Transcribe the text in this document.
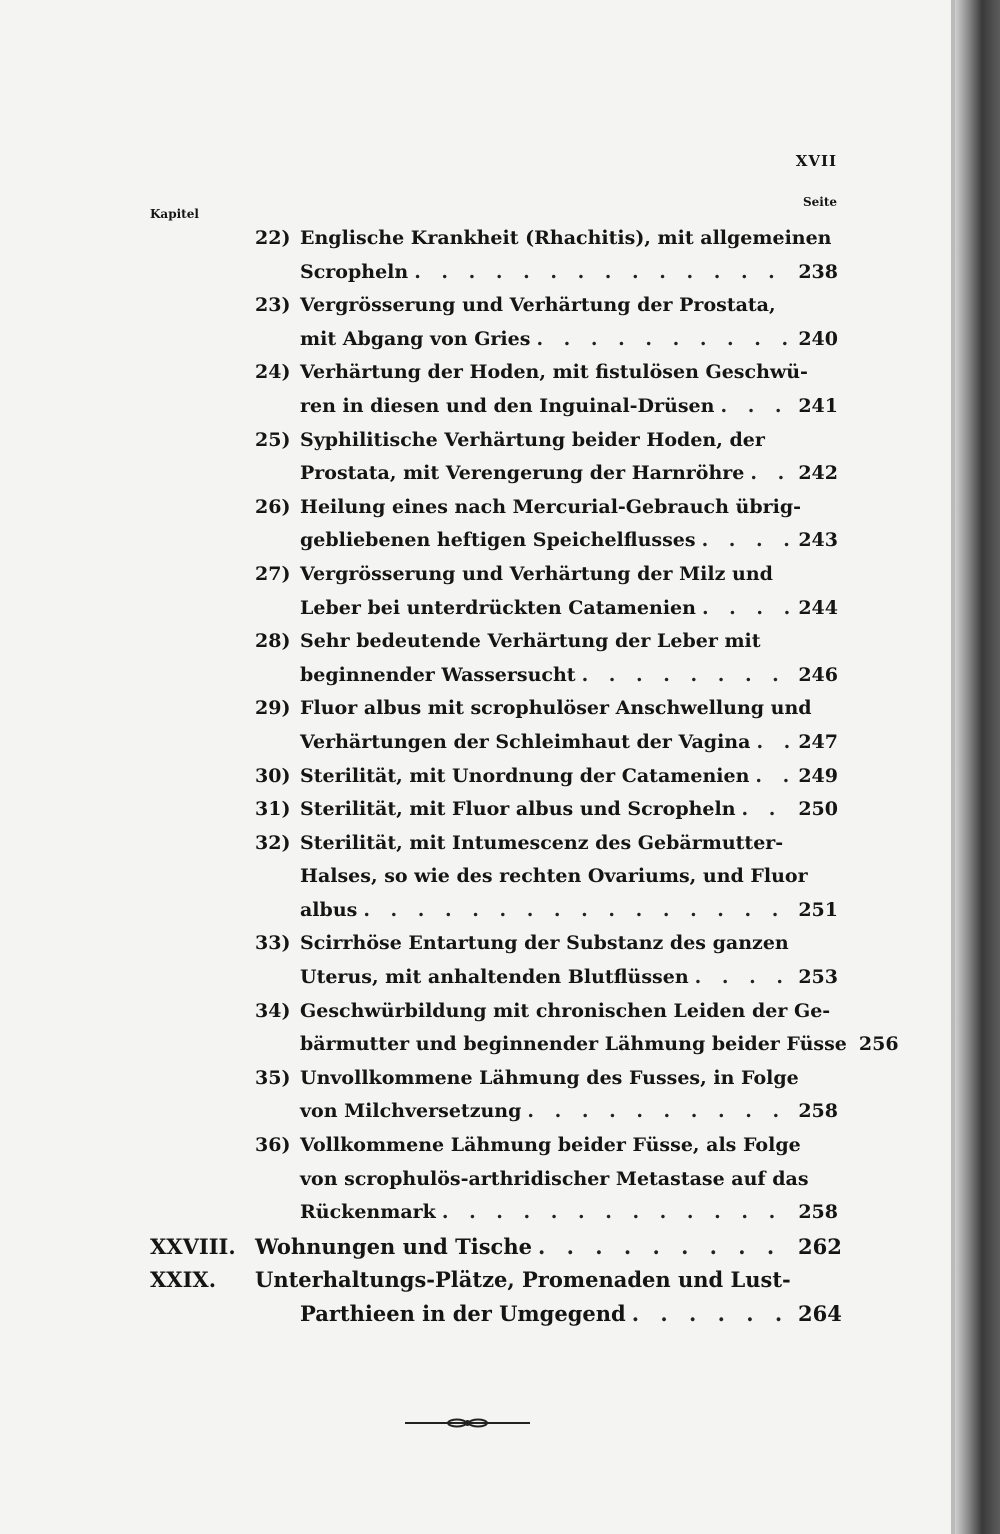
XVII
Kapitel
Seite
22) Englische Krankheit (Rhachitis), mit allgemeinen
Scropheln . . .	238
23) Vergrösserung und Verhärtung der Prostata,
mit Abgang von Gries . . .	240
24) Verhärtung der Hoden, mit fistulösen Geschwü-
ren in diesen und den Inguinal-Drüsen . . .	241
25) Syphilitische Verhärtung beider Hoden, der
Prostata, mit Verengerung der Harnröhre . . .	242
26) Heilung eines nach Mercurial-Gebrauch übrig-
gebliebenen heftigen Speichelflusses . . .	243
27) Vergrösserung und Verhärtung der Milz und
Leber bei unterdrückten Catamenien . . .	244
28) Sehr bedeutende Verhärtung der Leber mit
beginnender Wassersucht . . .	246
29) Fluor albus mit scrophulöser Anschwellung und
Verhärtungen der Schleimhaut der Vagina . . .	247
30) Sterilität, mit Unordnung der Catamenien . . .	249
31) Sterilität, mit Fluor albus und Scropheln . . .	250
32) Sterilität, mit Intumescenz des Gebärmutter-
Halses, so wie des rechten Ovariums, und Fluor
albus . . .	251
33) Scirrhöse Entartung der Substanz des ganzen
Uterus, mit anhaltenden Blutflüssen . . .	253
34) Geschwürbildung mit chronischen Leiden der Ge-
bärmutter und beginnender Lähmung beider Füsse 256
35) Unvollkommene Lähmung des Fusses, in Folge
von Milchversetzung . . .	258
36) Vollkommene Lähmung beider Füsse, als Folge
von scrophulös-arthridischer Metastase auf das
Rückenmark . . .	258
XXVIII. Wohnungen und Tische . . .	262
XXIX. Unterhaltungs-Plätze, Promenaden und Lust-
Parthieen in der Umgegend . . .	264
